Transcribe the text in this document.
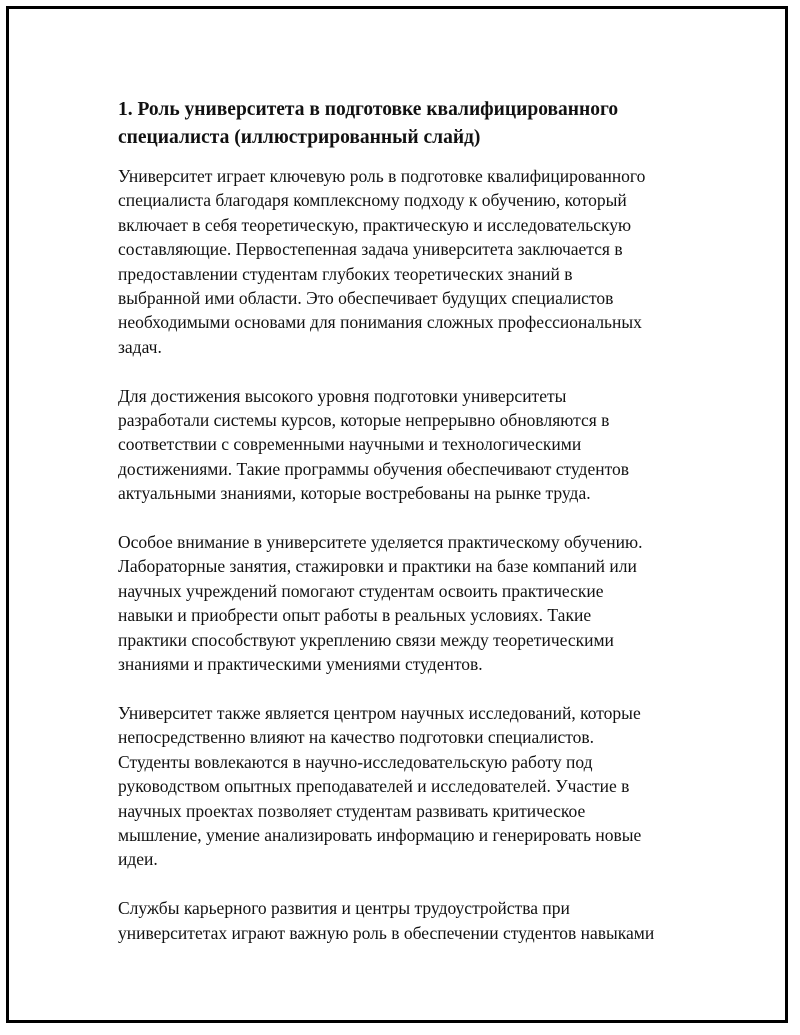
1. Роль университета в подготовке квалифицированного
специалиста (иллюстрированный слайд)

Университет играет ключевую роль в подготовке квалифицированного
специалиста благодаря комплексному подходу к обучению, который
включает в себя теоретическую, практическую и исследовательскую
составляющие. Первостепенная задача университета заключается в
предоставлении студентам глубоких теоретических знаний в
выбранной ими области. Это обеспечивает будущих специалистов
необходимыми основами для понимания сложных профессиональных
задач.

Для достижения высокого уровня подготовки университеты
разработали системы курсов, которые непрерывно обновляются в
соответствии с современными научными и технологическими
достижениями. Такие программы обучения обеспечивают студентов
актуальными знаниями, которые востребованы на рынке труда.

Особое внимание в университете уделяется практическому обучению.
Лабораторные занятия, стажировки и практики на базе компаний или
научных учреждений помогают студентам освоить практические
навыки и приобрести опыт работы в реальных условиях. Такие
практики способствуют укреплению связи между теоретическими
знаниями и практическими умениями студентов.

Университет также является центром научных исследований, которые
непосредственно влияют на качество подготовки специалистов.
Студенты вовлекаются в научно-исследовательскую работу под
руководством опытных преподавателей и исследователей. Участие в
научных проектах позволяет студентам развивать критическое
мышление, умение анализировать информацию и генерировать новые
идеи.

Службы карьерного развития и центры трудоустройства при
университетах играют важную роль в обеспечении студентов навыками
